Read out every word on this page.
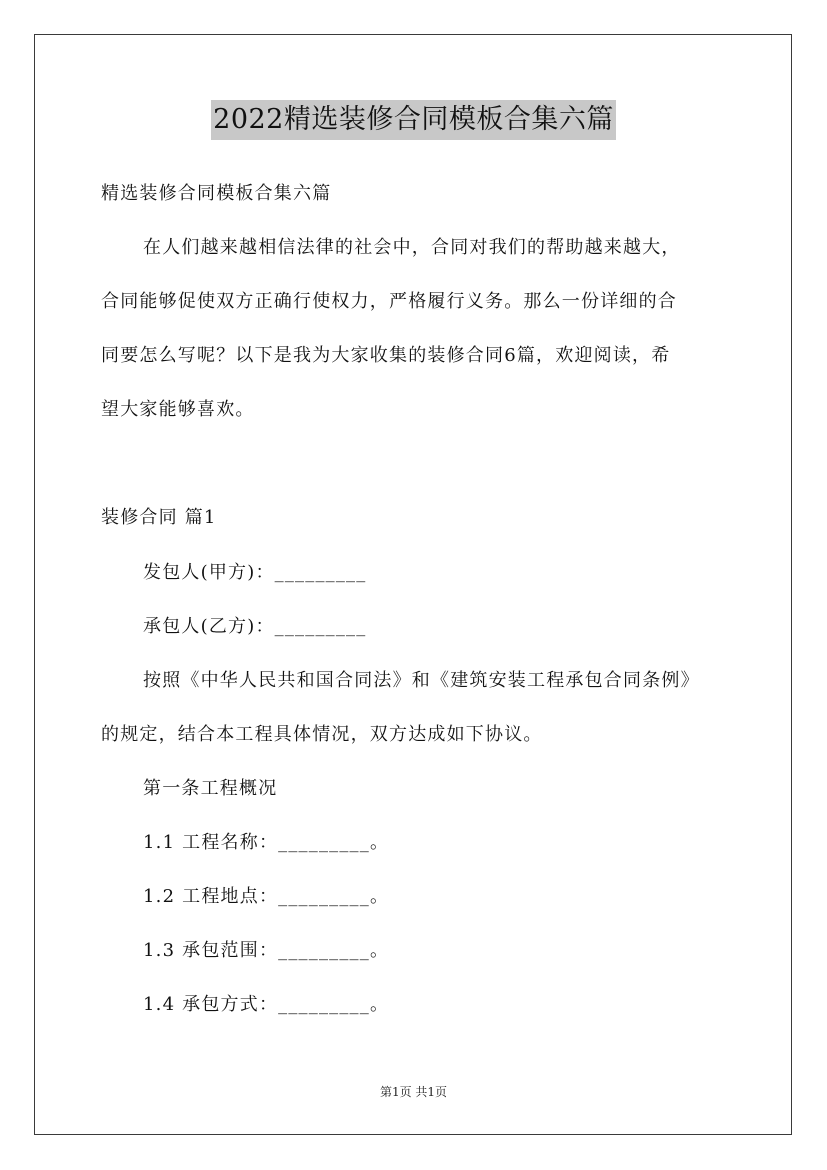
2022精选装修合同模板合集六篇
精选装修合同模板合集六篇
在人们越来越相信法律的社会中，合同对我们的帮助越来越大，
合同能够促使双方正确行使权力，严格履行义务。那么一份详细的合
同要怎么写呢？以下是我为大家收集的装修合同6篇，欢迎阅读，希
望大家能够喜欢。
装修合同 篇1
发包人(甲方)：_________
承包人(乙方)：_________
按照《中华人民共和国合同法》和《建筑安装工程承包合同条例》
的规定，结合本工程具体情况，双方达成如下协议。
第一条工程概况
1.1 工程名称：_________。
1.2 工程地点：_________。
1.3 承包范围：_________。
1.4 承包方式：_________。
第1页 共1页
